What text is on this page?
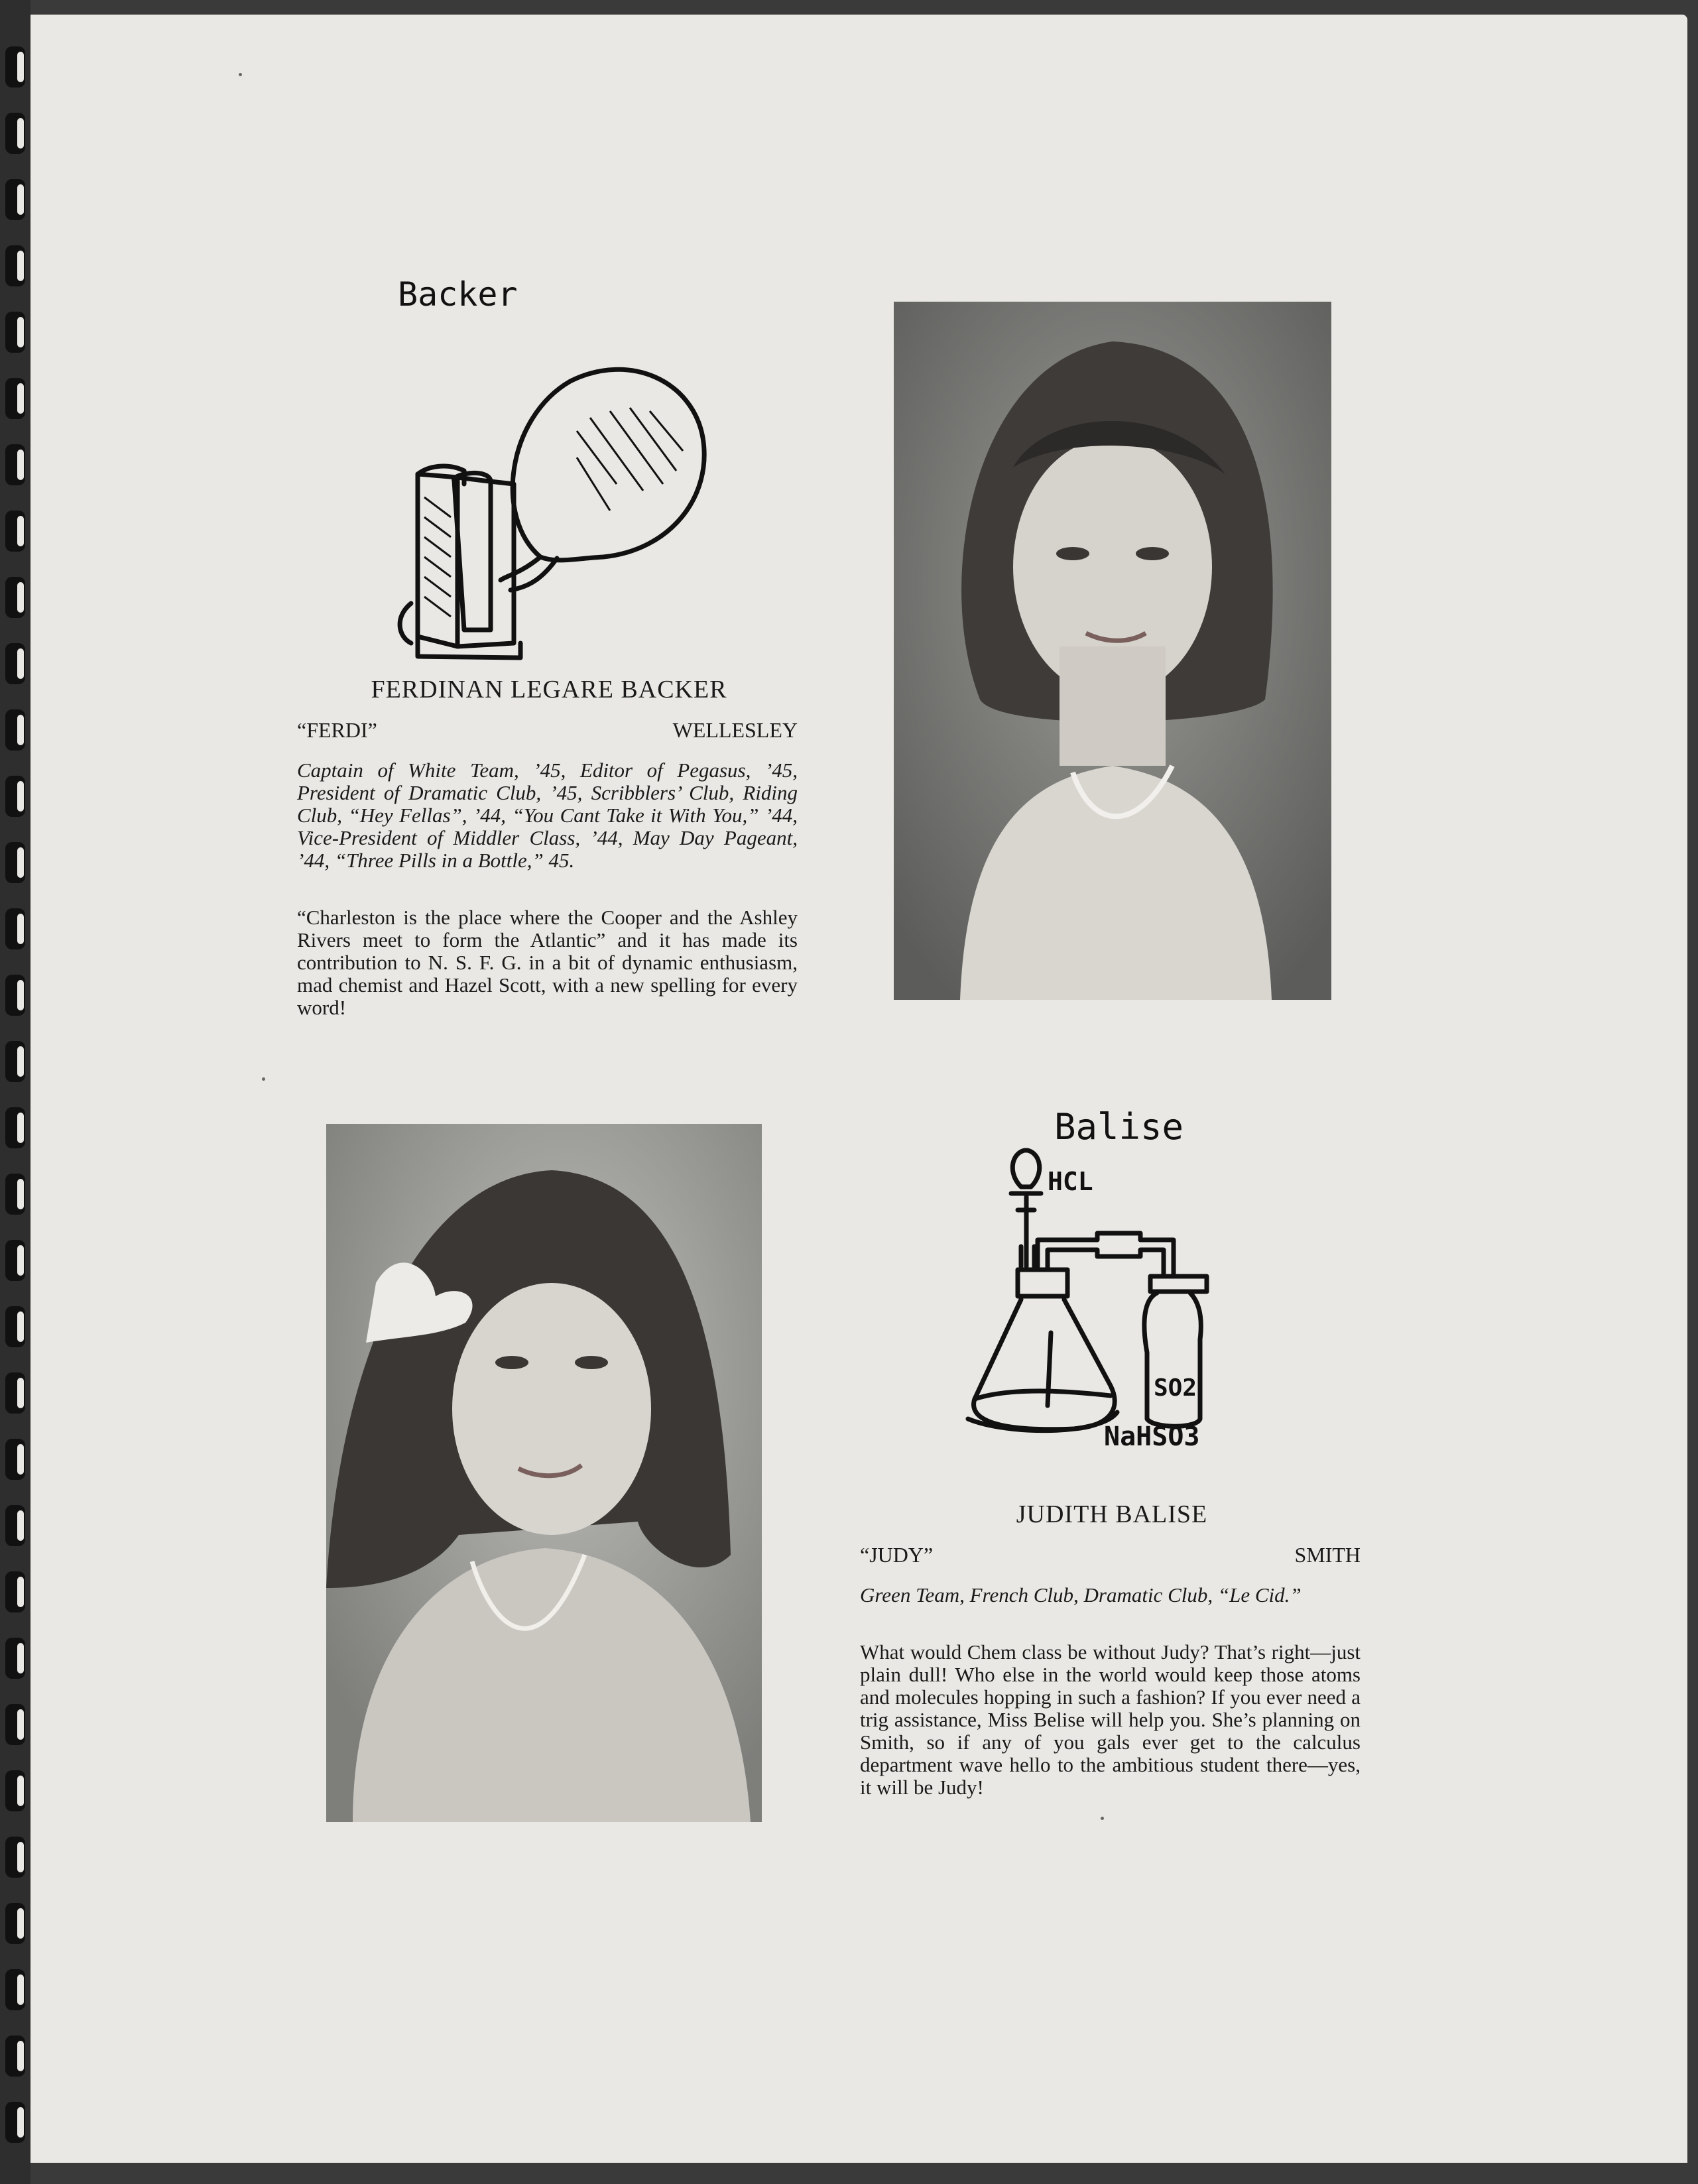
Backer
FERDINAN LEGARE BACKER
“FERDI”	WELLESLEY

Captain of White Team, ’45, Editor of Pegasus, ’45, President of Dramatic Club, ’45, Scribblers’ Club, Riding Club, “Hey Fellas”, ’44, “You Cant Take it With You,” ’44, Vice-President of Middler Class, ’44, May Day Pageant, ’44, “Three Pills in a Bottle,” 45.

“Charleston is the place where the Cooper and the Ashley Rivers meet to form the Atlantic” and it has made its contribution to N. S. F. G. in a bit of dynamic enthusiasm, mad chemist and Hazel Scott, with a new spelling for every word!

Balise
HCL
SO2
NaHSO3
JUDITH BALISE
“JUDY”	SMITH

Green Team, French Club, Dramatic Club, “Le Cid.”

What would Chem class be without Judy? That’s right—just plain dull! Who else in the world would keep those atoms and molecules hopping in such a fashion? If you ever need a trig assistance, Miss Belise will help you. She’s planning on Smith, so if any of you gals ever get to the calculus department wave hello to the ambitious student there—yes, it will be Judy!
